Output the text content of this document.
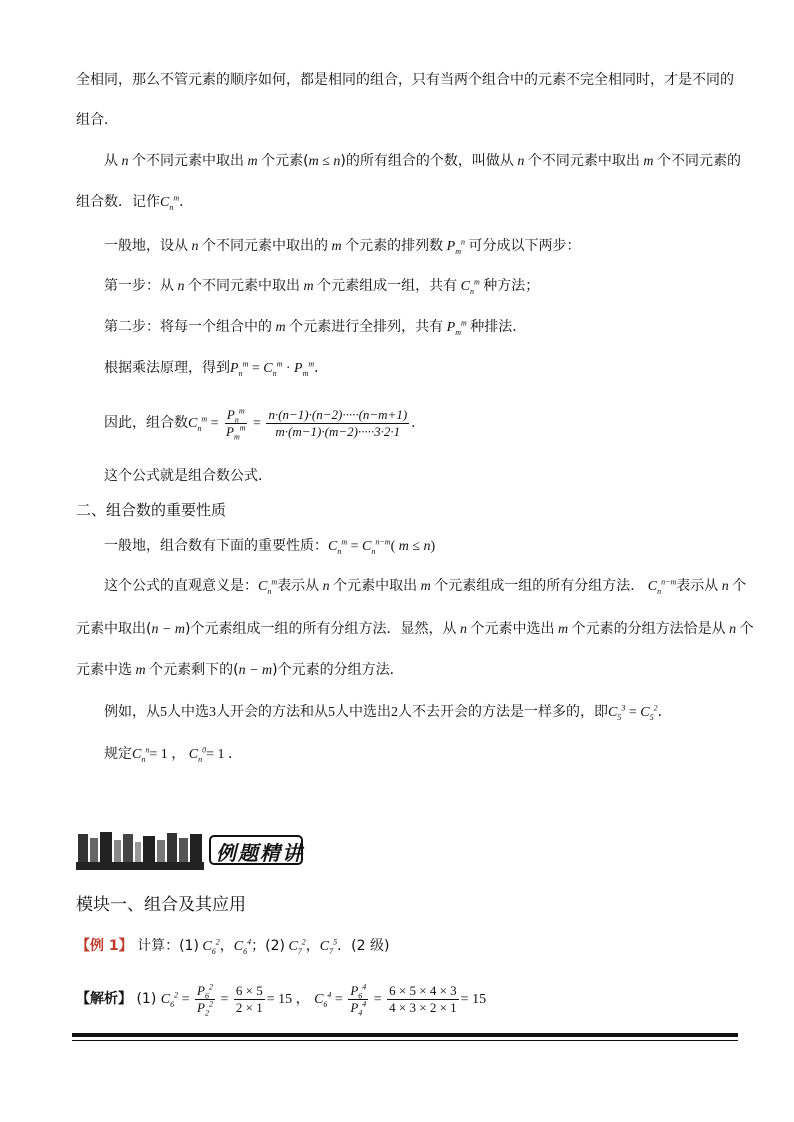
全相同，那么不管元素的顺序如何，都是相同的组合，只有当两个组合中的元素不完全相同时，才是不同的
组合．
从 n 个不同元素中取出 m 个元素(m ≤ n)的所有组合的个数，叫做从 n 个不同元素中取出 m 个不同元素的
组合数．记作$C_n^m$．
一般地，设从 n 个不同元素中取出的 m 个元素的排列数 $P_m^n$ 可分成以下两步：
第一步：从 n 个不同元素中取出 m 个元素组成一组，共有 $C_n^m$ 种方法；
第二步：将每一个组合中的 m 个元素进行全排列，共有 $P_m^m$ 种排法．
根据乘法原理，得到$P_n^m = C_n^m \cdot P_m^m$．
因此，组合数$C_n^m = \frac{P_n^m}{P_m^m} = \frac{n\cdot(n-1)\cdot(n-2)\cdot\cdot\cdot\cdot\cdot(n-m+1)}{m\cdot(m-1)\cdot(m-2)\cdot\cdot\cdot\cdot\cdot 3\cdot 2\cdot 1}$ ．
这个公式就是组合数公式．
二、组合数的重要性质
一般地，组合数有下面的重要性质：$C_n^m = C_n^{n-m}$( m ≤ n)
这个公式的直观意义是：$C_n^m$表示从 n 个元素中取出 m 个元素组成一组的所有分组方法． $C_n^{n-m}$表示从 n 个
元素中取出(n − m)个元素组成一组的所有分组方法．显然，从 n 个元素中选出 m 个元素的分组方法恰是从 n 个
元素中选 m 个元素剩下的(n − m)个元素的分组方法．
例如，从5人中选3人开会的方法和从5人中选出2人不去开会的方法是一样多的，即$C_5^3 = C_5^2$．
规定$C_n^n= 1$ ， $C_n^0= 1$ ．
例题精讲
模块一、组合及其应用
【例 1】 计算：(1) $C_6^2$，$C_6^4$；(2) $C_7^2$，$C_7^5$．(2 级)
【解析】 (1) $C_6^2 = \frac{P_6^2}{P_2^2} = \frac{6 \times 5}{2 \times 1} = 15$ ， $C_6^4 = \frac{P_6^4}{P_4^4} = \frac{6 \times 5 \times 4 \times 3}{4 \times 3 \times 2 \times 1} = 15$
